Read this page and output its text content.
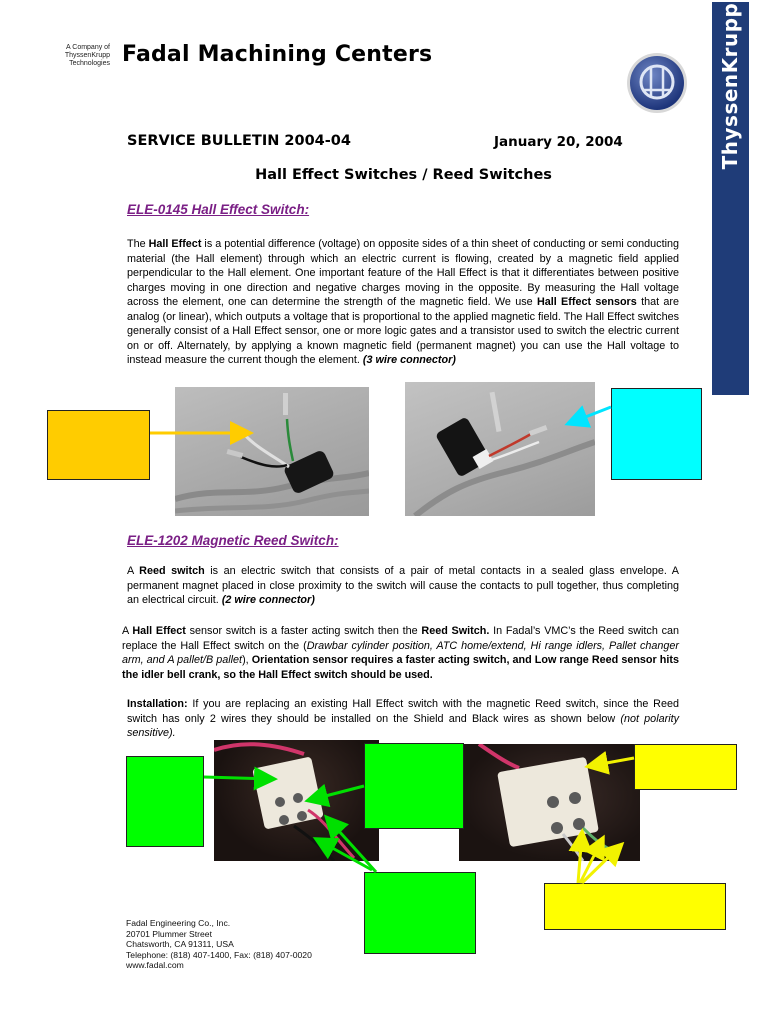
A Company of
ThyssenKrupp
Technologies Fadal Machining Centers	ThyssenKrupp
SERVICE BULLETIN 2004-04	January 20, 2004
Hall Effect Switches / Reed Switches
ELE-0145 Hall Effect Switch:
The Hall Effect is a potential difference (voltage) on opposite sides of a thin sheet of conducting or semi conducting material (the Hall element) through which an electric current is flowing, created by a magnetic field applied perpendicular to the Hall element. One important feature of the Hall Effect is that it differentiates between positive charges moving in one direction and negative charges moving in the opposite. By measuring the Hall voltage across the element, one can determine the strength of the magnetic field. We use Hall Effect sensors that are analog (or linear), which outputs a voltage that is proportional to the applied magnetic field. The Hall Effect switches generally consist of a Hall Effect sensor, one or more logic gates and a transistor used to switch the electric current on or off. Alternately, by applying a known magnetic field (permanent magnet) you can use the Hall voltage to instead measure the current though the element. (3 wire connector)
ELE-1202 Magnetic Reed Switch:
A Reed switch is an electric switch that consists of a pair of metal contacts in a sealed glass envelope. A permanent magnet placed in close proximity to the switch will cause the contacts to pull together, thus completing an electrical circuit. (2 wire connector)
A Hall Effect sensor switch is a faster acting switch then the Reed Switch. In Fadal’s VMC’s the Reed switch can replace the Hall Effect switch on the (Drawbar cylinder position, ATC home/extend, Hi range idlers, Pallet changer arm, and A pallet/B pallet), Orientation sensor requires a faster acting switch, and Low range Reed sensor hits the idler bell crank, so the Hall Effect switch should be used.
Installation: If you are replacing an existing Hall Effect switch with the magnetic Reed switch, since the Reed switch has only 2 wires they should be installed on the Shield and Black wires as shown below (not polarity sensitive).
Fadal Engineering Co., Inc.
20701 Plummer Street
Chatsworth, CA 91311, USA
Telephone: (818) 407-1400, Fax: (818) 407-0020
www.fadal.com
